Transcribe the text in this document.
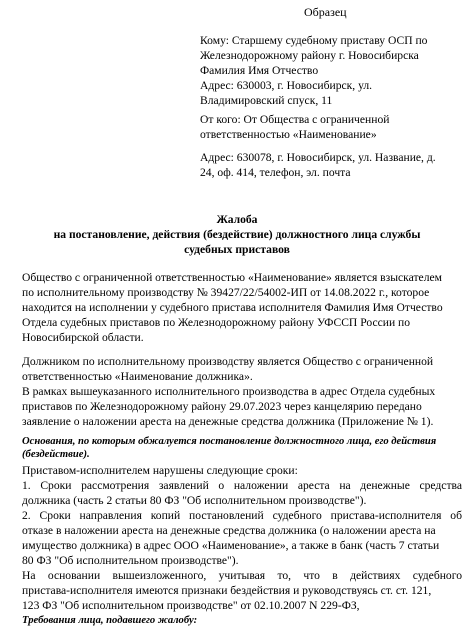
Образец
Кому: Старшему судебному приставу ОСП по
Железнодорожному району г. Новосибирска
Фамилия Имя Отчество
Адрес: 630003, г. Новосибирск, ул.
Владимировский спуск, 11
От кого: От Общества с ограниченной
ответственностью «Наименование»
Адрес: 630078, г. Новосибирск, ул. Название, д.
24, оф. 414, телефон, эл. почта
Жалоба
на постановление, действия (бездействие) должностного лица службы
судебных приставов
Общество с ограниченной ответственностью «Наименование» является взыскателем
по исполнительному производству № 39427/22/54002-ИП от 14.08.2022 г., которое
находится на исполнении у судебного пристава исполнителя Фамилия Имя Отчество
Отдела судебных приставов по Железнодорожному району УФССП России по
Новосибирской области.
Должником по исполнительному производству является Общество с ограниченной
ответственностью «Наименование должника».
В рамках вышеуказанного исполнительного производства в адрес Отдела судебных
приставов по Железнодорожному району 29.07.2023 через канцелярию передано
заявление о наложении ареста на денежные средства должника (Приложение № 1).
Основания, по которым обжалуется постановление должностного лица, его действия
(бездействие).
Приставом-исполнителем нарушены следующие сроки:
1. Сроки рассмотрения заявлений о наложении ареста на денежные средства
должника (часть 2 статьи 80 ФЗ "Об исполнительном производстве").
2. Сроки направления копий постановлений судебного пристава-исполнителя об
отказе в наложении ареста на денежные средства должника (о наложении ареста на
имущество должника) в адрес ООО «Наименование», а также в банк (часть 7 статьи
80 ФЗ "Об исполнительном производстве").
На основании вышеизложенного, учитывая то, что в действиях судебного
пристава-исполнителя имеются признаки бездействия и руководствуясь ст. ст. 121,
123 ФЗ "Об исполнительном производстве" от 02.10.2007 N 229-ФЗ,
Требования лица, подавшего жалобу:
